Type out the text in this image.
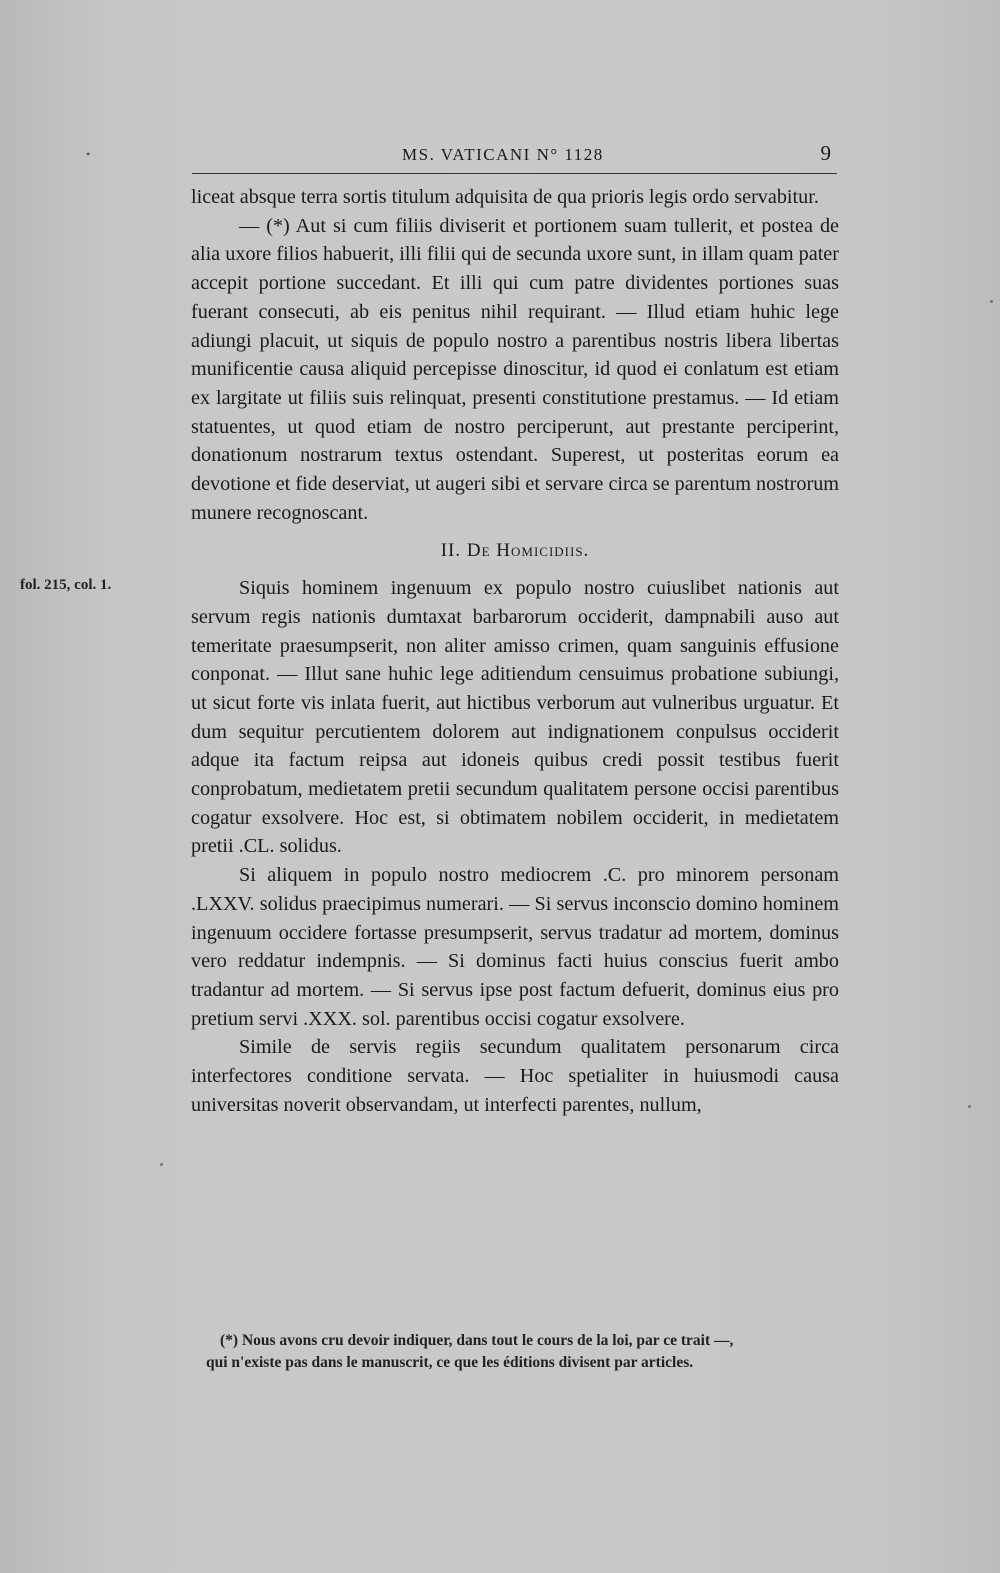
•	MS. VATICANI N° 1128	9
fol. 215, col. 1.

liceat absque terra sortis titulum adquisita de qua prioris legis ordo servabitur.

— (*) Aut si cum filiis diviserit et portionem suam tullerit, et postea de alia uxore filios habuerit, illi filii qui de secunda uxore sunt, in illam quam pater accepit portione succedant. Et illi qui cum patre dividentes portiones suas fuerant consecuti, ab eis penitus nihil requirant. — Illud etiam huhic lege adiungi placuit, ut siquis de populo nostro a parentibus nostris libera libertas munificentie causa aliquid percepisse dinoscitur, id quod ei conlatum est etiam ex largitate ut filiis suis relinquat, presenti constitutione prestamus. — Id etiam statuentes, ut quod etiam de nostro perciperunt, aut prestante perciperint, donationum nostrarum textus ostendant. Superest, ut posteritas eorum ea devotione et fide deserviat, ut augeri sibi et servare circa se parentum nostrorum munere recognoscant.

II. De Homicidiis.

Siquis hominem ingenuum ex populo nostro cuiuslibet nationis aut servum regis nationis dumtaxat barbarorum occiderit, dampnabili auso aut temeritate praesumpserit, non aliter amisso crimen, quam sanguinis effusione conponat. — Illut sane huhic lege aditiendum censuimus probatione subiungi, ut sicut forte vis inlata fuerit, aut hictibus verborum aut vulneribus urguatur. Et dum sequitur percutientem dolorem aut indignationem conpulsus occiderit adque ita factum reipsa aut idoneis quibus credi possit testibus fuerit conprobatum, medietatem pretii secundum qualitatem persone occisi parentibus cogatur exsolvere. Hoc est, si obtimatem nobilem occiderit, in medietatem pretii .CL. solidus.

Si aliquem in populo nostro mediocrem .C. pro minorem personam .LXXV. solidus praecipimus numerari. — Si servus inconscio domino hominem ingenuum occidere fortasse presumpserit, servus tradatur ad mortem, dominus vero reddatur indempnis. — Si dominus facti huius conscius fuerit ambo tradantur ad mortem. — Si servus ipse post factum defuerit, dominus eius pro pretium servi .XXX. sol. parentibus occisi cogatur exsolvere.

Simile de servis regiis secundum qualitatem personarum circa interfectores conditione servata. — Hoc spetialiter in huiusmodi causa universitas noverit observandam, ut interfecti parentes, nullum,

(*) Nous avons cru devoir indiquer, dans tout le cours de la loi, par ce trait —,
qui n'existe pas dans le manuscrit, ce que les éditions divisent par articles.
